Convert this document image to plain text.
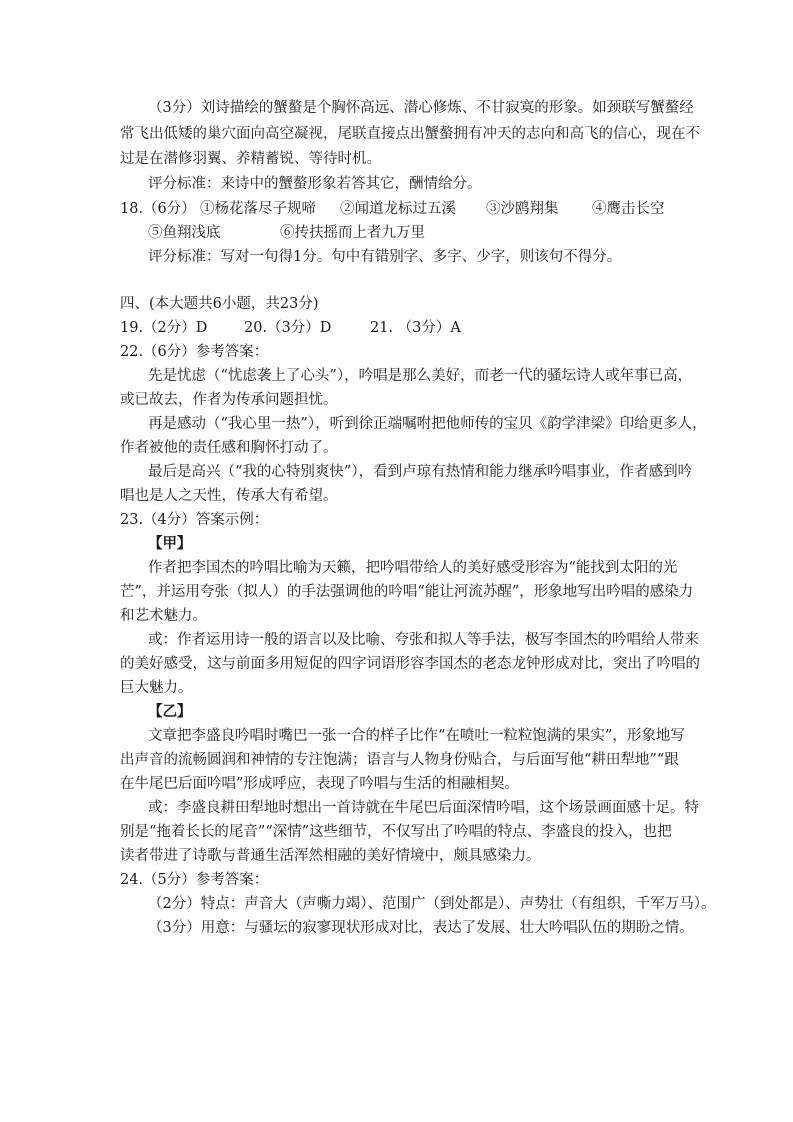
（3分）刘诗描绘的蟹螯是个胸怀高远、潜心修炼、不甘寂寞的形象。如颈联写蟹螯经
常飞出低矮的巢穴面向高空凝视，尾联直接点出蟹螯拥有冲天的志向和高飞的信心，现在不
过是在潜修羽翼、养精蓄锐、等待时机。
评分标准：来诗中的蟹螯形象若答其它，酬情给分。
18.（6分） ①杨花落尽子规啼 ②闻道龙标过五溪 ③沙鸥翔集 ④鹰击长空
⑤鱼翔浅底	⑥抟扶摇而上者九万里
评分标准：写对一句得1分。句中有错别字、多字、少字，则该句不得分。
四、(本大题共6小题，共23分)
19.（2分）D	20.（3分）D	21. （3分）A
22.（6分）参考答案：
先是忧虑（“忧虑袭上了心头”），吟唱是那么美好，而老一代的骚坛诗人或年事已高，
或已故去，作者为传承问题担忧。
再是感动（“我心里一热”），听到徐正端嘱咐把他师传的宝贝《韵学津梁》印给更多人，
作者被他的责任感和胸怀打动了。
最后是高兴（“我的心特别爽快”），看到卢琼有热情和能力继承吟唱事业，作者感到吟
唱也是人之天性，传承大有希望。
23.（4分）答案示例：
【甲】
作者把李国杰的吟唱比喻为天籁，把吟唱带给人的美好感受形容为“能找到太阳的光
芒”，并运用夸张（拟人）的手法强调他的吟唱“能让河流苏醒”，形象地写出吟唱的感染力
和艺术魅力。
或：作者运用诗一般的语言以及比喻、夸张和拟人等手法，极写李国杰的吟唱给人带来
的美好感受，这与前面多用短促的四字词语形容李国杰的老态龙钟形成对比，突出了吟唱的
巨大魅力。
【乙】
文章把李盛良吟唱时嘴巴一张一合的样子比作“在喷吐一粒粒饱满的果实”，形象地写
出声音的流畅圆润和神情的专注饱满；语言与人物身份贴合，与后面写他“耕田犁地”“跟
在牛尾巴后面吟唱”形成呼应，表现了吟唱与生活的相融相契。
或：李盛良耕田犁地时想出一首诗就在牛尾巴后面深情吟唱，这个场景画面感十足。特
别是“拖着长长的尾音”“深情”这些细节，不仅写出了吟唱的特点、李盛良的投入，也把
读者带进了诗歌与普通生活浑然相融的美好情境中，颇具感染力。
24.（5分）参考答案：
（2分）特点：声音大（声嘶力竭）、范围广（到处都是）、声势壮（有组织，千军万马）。
（3分）用意：与骚坛的寂寥现状形成对比，表达了发展、壮大吟唱队伍的期盼之情。
